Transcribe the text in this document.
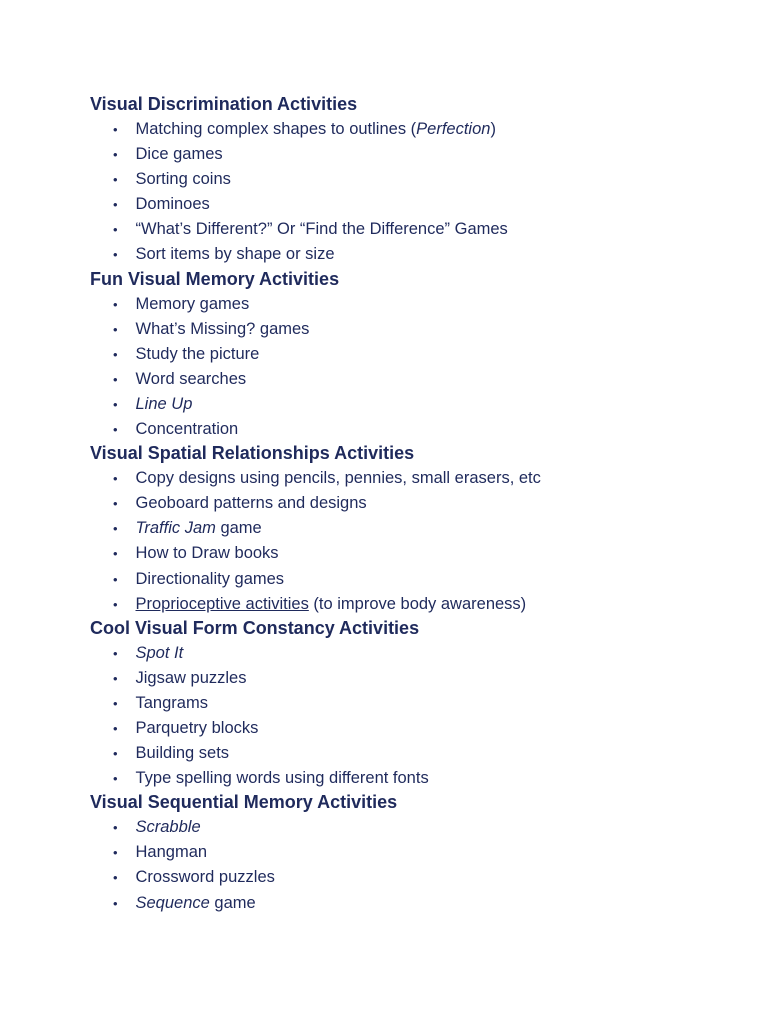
Visual Discrimination Activities
• Matching complex shapes to outlines (Perfection)
• Dice games
• Sorting coins
• Dominoes
• “What’s Different?” Or “Find the Difference” Games
• Sort items by shape or size
Fun Visual Memory Activities
• Memory games
• What’s Missing? games
• Study the picture
• Word searches
• Line Up
• Concentration
Visual Spatial Relationships Activities
• Copy designs using pencils, pennies, small erasers, etc
• Geoboard patterns and designs
• Traffic Jam game
• How to Draw books
• Directionality games
• Proprioceptive activities (to improve body awareness)
Cool Visual Form Constancy Activities
• Spot It
• Jigsaw puzzles
• Tangrams
• Parquetry blocks
• Building sets
• Type spelling words using different fonts
Visual Sequential Memory Activities
• Scrabble
• Hangman
• Crossword puzzles
• Sequence game
